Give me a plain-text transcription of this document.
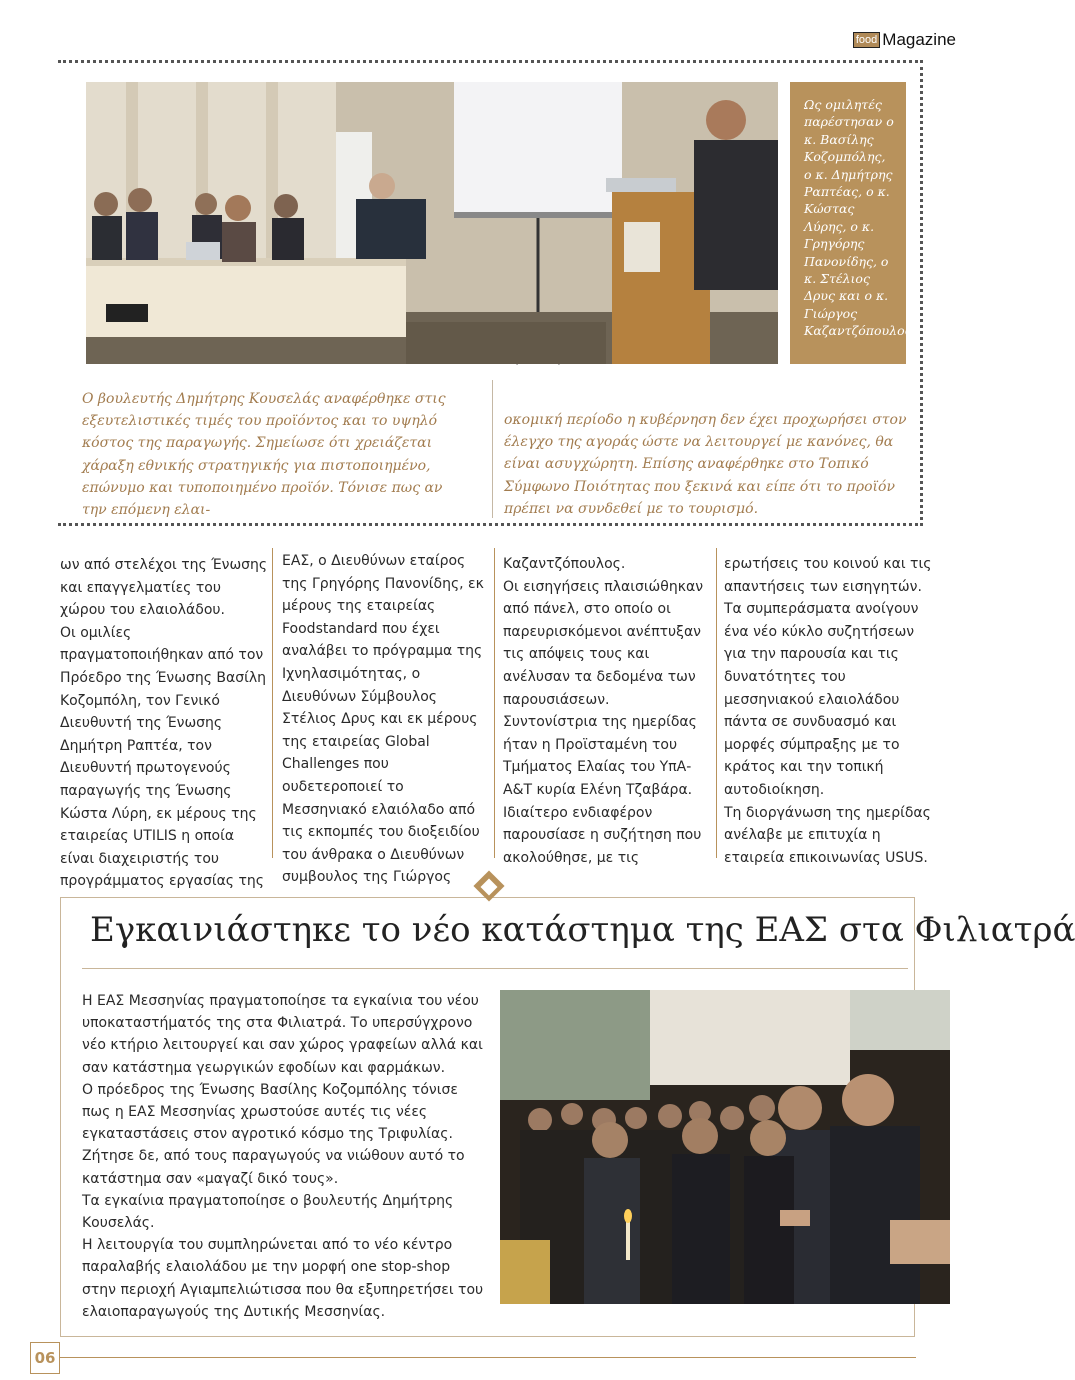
food Magazine

Ως ομιλητές παρέστησαν ο κ. Βασίλης Κοζομπόλης, ο κ. Δημήτρης Ραπτέας, ο κ. Κώστας Λύρης, ο κ. Γρηγόρης Πανονίδης, ο κ. Στέλιος Δρυς και ο κ. Γιώργος Καζαντζόπουλος.

Ο βουλευτής Δημήτρης Κουσελάς αναφέρθηκε στις εξευτελιστικές τιμές του προϊόντος και το υψηλό κόστος της παραγωγής. Σημείωσε ότι χρειάζεται χάραξη εθνικής στρατηγικής για πιστοποιημένο, επώνυμο και τυποποιημένο προϊόν. Τόνισε πως αν την επόμενη ελαι-

οκομική περίοδο η κυβέρνηση δεν έχει προχωρήσει στον έλεγχο της αγοράς ώστε να λειτουργεί με κανόνες, θα είναι ασυγχώρητη. Επίσης αναφέρθηκε στο Τοπικό Σύμφωνο Ποιότητας που ξεκινά και είπε ότι το προϊόν πρέπει να συνδεθεί με το τουρισμό.

ων από στελέχοι της Ένωσης και επαγγελματίες του χώρου του ελαιολάδου.
Οι ομιλίες πραγματοποιήθηκαν από τον Πρόεδρο της Ένωσης Βασίλη Κοζομπόλη, τον Γενικό Διευθυντή της Ένωσης Δημήτρη Ραπτέα, τον Διευθυντή πρωτογενούς παραγωγής της Ένωσης Κώστα Λύρη, εκ μέρους της εταιρείας UTILIS η οποία είναι διαχειριστής του προγράμματος εργασίας της

ΕΑΣ, ο Διευθύνων εταίρος της Γρηγόρης Πανονίδης, εκ μέρους της εταιρείας Foodstandard που έχει αναλάβει το πρόγραμμα της Ιχνηλασιμότητας, ο Διευθύνων Σύμβουλος Στέλιος Δρυς και εκ μέρους της εταιρείας Global Challenges που ουδετεροποιεί το Μεσσηνιακό ελαιόλαδο από τις εκπομπές του διοξειδίου του άνθρακα ο Διευθύνων συμβουλος της Γιώργος

Καζαντζόπουλος.
Οι εισηγήσεις πλαισιώθηκαν από πάνελ, στο οποίο οι παρευρισκόμενοι ανέπτυξαν τις απόψεις τους και ανέλυσαν τα δεδομένα των παρουσιάσεων.
Συντονίστρια της ημερίδας ήταν η Προϊσταμένη του Τμήματος Ελαίας του ΥπΑ-Α&Τ κυρία Ελένη Τζαβάρα. Ιδιαίτερο ενδιαφέρον παρουσίασε η συζήτηση που ακολούθησε, με τις

ερωτήσεις του κοινού και τις απαντήσεις των εισηγητών.
Τα συμπεράσματα ανοίγουν ένα νέο κύκλο συζητήσεων για την παρουσία και τις δυνατότητες του μεσσηνιακού ελαιολάδου πάντα σε συνδυασμό και μορφές σύμπραξης με το κράτος και την τοπική αυτοδιοίκηση.
Τη διοργάνωση της ημερίδας ανέλαβε με επιτυχία η εταιρεία επικοινωνίας USUS.

Εγκαινιάστηκε το νέο κατάστημα της ΕΑΣ στα Φιλιατρά

Η ΕΑΣ Μεσσηνίας πραγματοποίησε τα εγκαίνια του νέου υποκαταστήματός της στα Φιλιατρά. Το υπερσύγχρονο νέο κτήριο λειτουργεί και σαν χώρος γραφείων αλλά και σαν κατάστημα γεωργικών εφοδίων και φαρμάκων.
Ο πρόεδρος της Ένωσης Βασίλης Κοζομπόλης τόνισε πως η ΕΑΣ Μεσσηνίας χρωστούσε αυτές τις νέες εγκαταστάσεις στον αγροτικό κόσμο της Τριφυλίας. Ζήτησε δε, από τους παραγωγούς να νιώθουν αυτό το κατάστημα σαν «μαγαζί δικό τους».
Τα εγκαίνια πραγματοποίησε ο βουλευτής Δημήτρης Κουσελάς.
Η λειτουργία του συμπληρώνεται από το νέο κέντρο παραλαβής ελαιολάδου με την μορφή one stop-shop στην περιοχή Αγιαμπελιώτισσα που θα εξυπηρετήσει του ελαιοπαραγωγούς της Δυτικής Μεσσηνίας.

06
